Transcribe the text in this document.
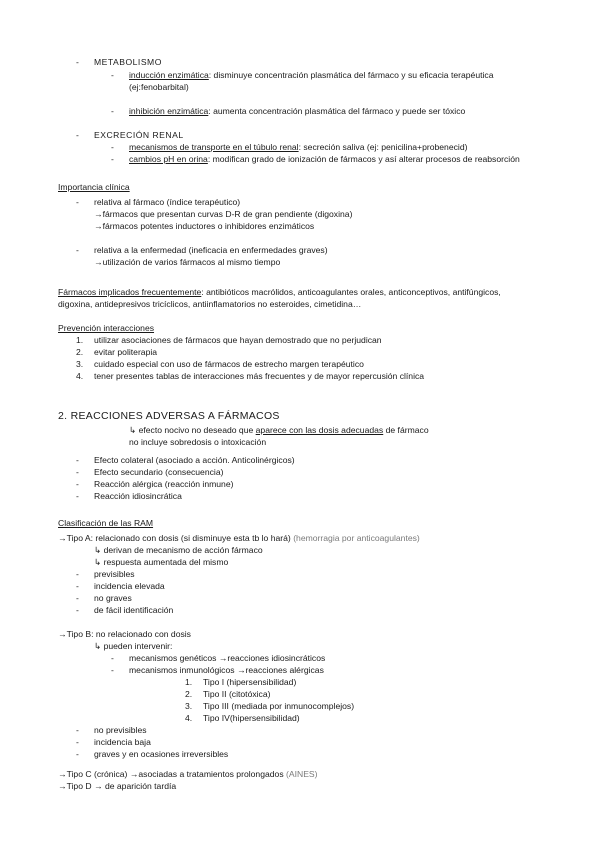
- METABOLISMO
- inducción enzimática: disminuye concentración plasmática del fármaco y su eficacia terapéutica
(ej:fenobarbital)
- inhibición enzimática: aumenta concentración plasmática del fármaco y puede ser tóxico
- EXCRECIÓN RENAL
- mecanismos de transporte en el túbulo renal: secreción saliva (ej: penicilina+probenecid)
- cambios pH en orina: modifican grado de ionización de fármacos y así alterar procesos de reabsorción
Importancia clínica
- relativa al fármaco (índice terapéutico)
→fármacos que presentan curvas D-R de gran pendiente (digoxina)
→fármacos potentes inductores o inhibidores enzimáticos
- relativa a la enfermedad (ineficacia en enfermedades graves)
→utilización de varios fármacos al mismo tiempo
Fármacos implicados frecuentemente: antibióticos macrólidos, anticoagulantes orales, anticonceptivos, antifúngicos,
digoxina, antidepresivos tricíclicos, antiinflamatorios no esteroides, cimetidina…
Prevención interacciones
1. utilizar asociaciones de fármacos que hayan demostrado que no perjudican
2. evitar politerapia
3. cuidado especial con uso de fármacos de estrecho margen terapéutico
4. tener presentes tablas de interacciones más frecuentes y de mayor repercusión clínica
2. REACCIONES ADVERSAS A FÁRMACOS
↳ efecto nocivo no deseado que aparece con las dosis adecuadas de fármaco
no incluye sobredosis o intoxicación
- Efecto colateral (asociado a acción. Anticolinérgicos)
- Efecto secundario (consecuencia)
- Reacción alérgica (reacción inmune)
- Reacción idiosincrática
Clasificación de las RAM
→Tipo A: relacionado con dosis (si disminuye esta tb lo hará) (hemorragia por anticoagulantes)
↳ derivan de mecanismo de acción fármaco
↳ respuesta aumentada del mismo
- previsibles
- incidencia elevada
- no graves
- de fácil identificación
→Tipo B: no relacionado con dosis
↳ pueden intervenir:
- mecanismos genéticos →reacciones idiosincráticos
- mecanismos inmunológicos →reacciones alérgicas
1. Tipo I (hipersensibilidad)
2. Tipo II (citotóxica)
3. Tipo III (mediada por inmunocomplejos)
4. Tipo IV(hipersensibilidad)
- no previsibles
- incidencia baja
- graves y en ocasiones irreversibles
→Tipo C (crónica) →asociadas a tratamientos prolongados (AINES)
→Tipo D → de aparición tardía
